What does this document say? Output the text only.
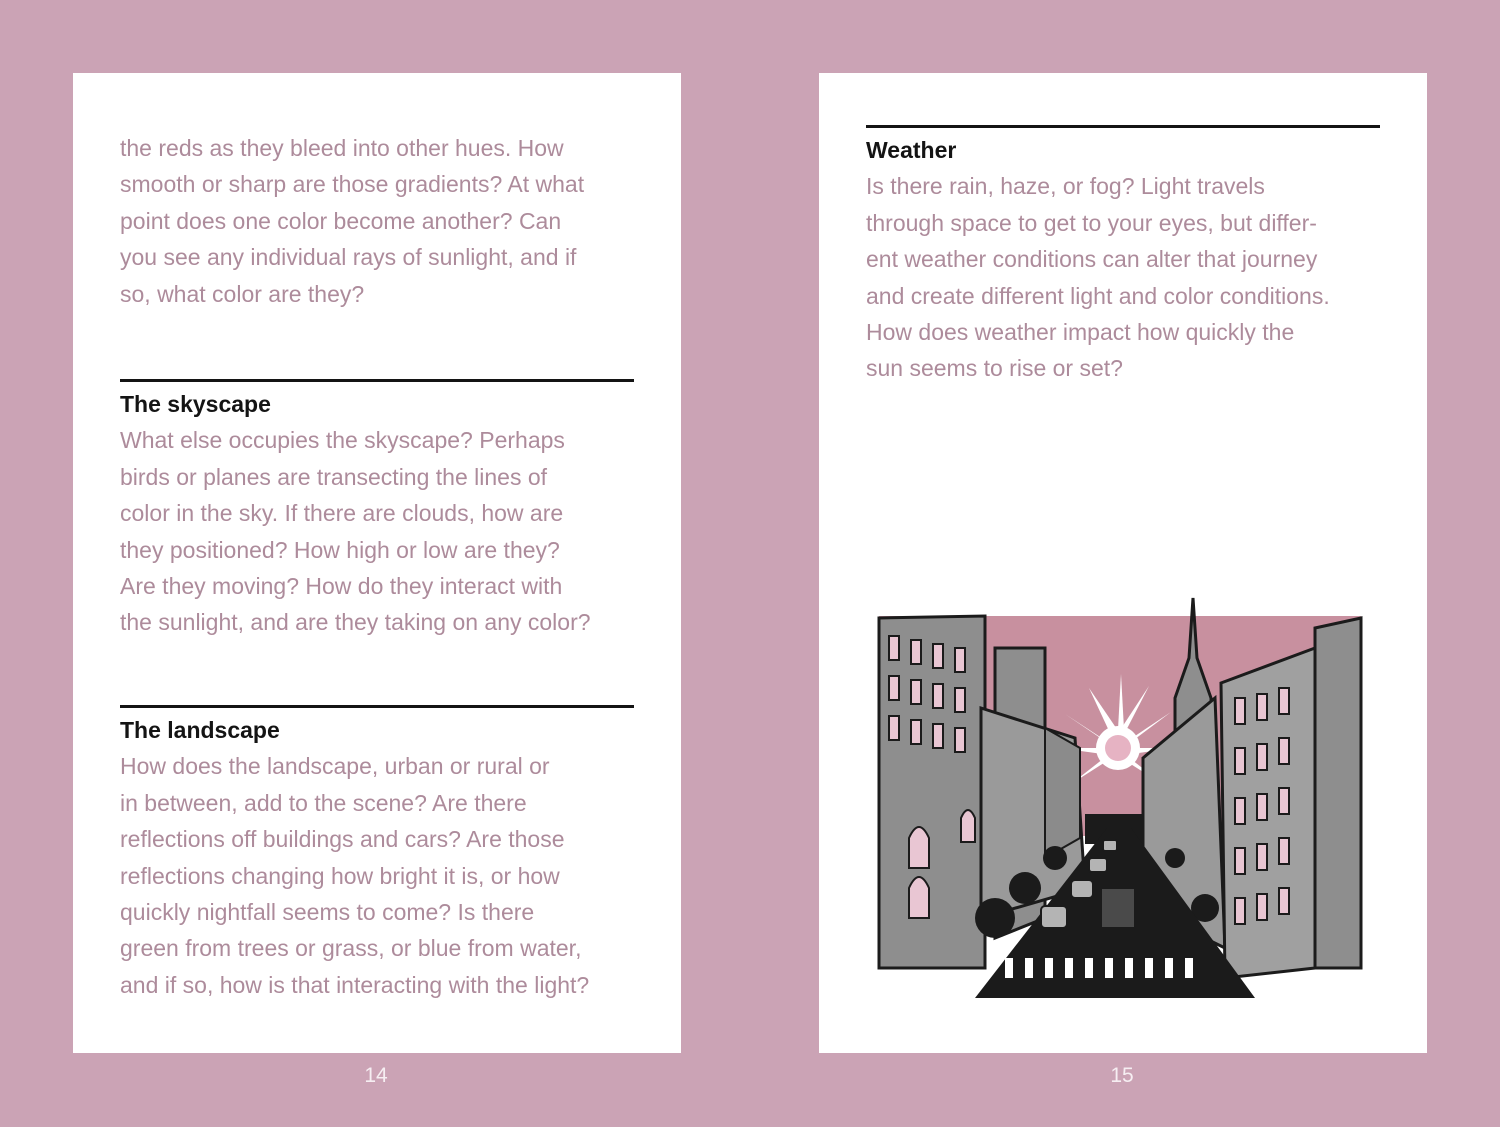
the reds as they bleed into other hues. How

smooth or sharp are those gradients? At what

point does one color become another? Can

you see any individual rays of sunlight, and if

so, what color are they?

The skyscape

What else occupies the skyscape? Perhaps

birds or planes are transecting the lines of

color in the sky. If there are clouds, how are

they positioned? How high or low are they?

Are they moving? How do they interact with

the sunlight, and are they taking on any color?

The landscape

How does the landscape, urban or rural or

in between, add to the scene? Are there

reflections off buildings and cars? Are those

reflections changing how bright it is, or how

quickly nightfall seems to come? Is there

green from trees or grass, or blue from water,

and if so, how is that interacting with the light?

14
Weather

Is there rain, haze, or fog? Light travels

through space to get to your eyes, but differ-

ent weather conditions can alter that journey

and create different light and color conditions.

How does weather impact how quickly the

sun seems to rise or set?

15
